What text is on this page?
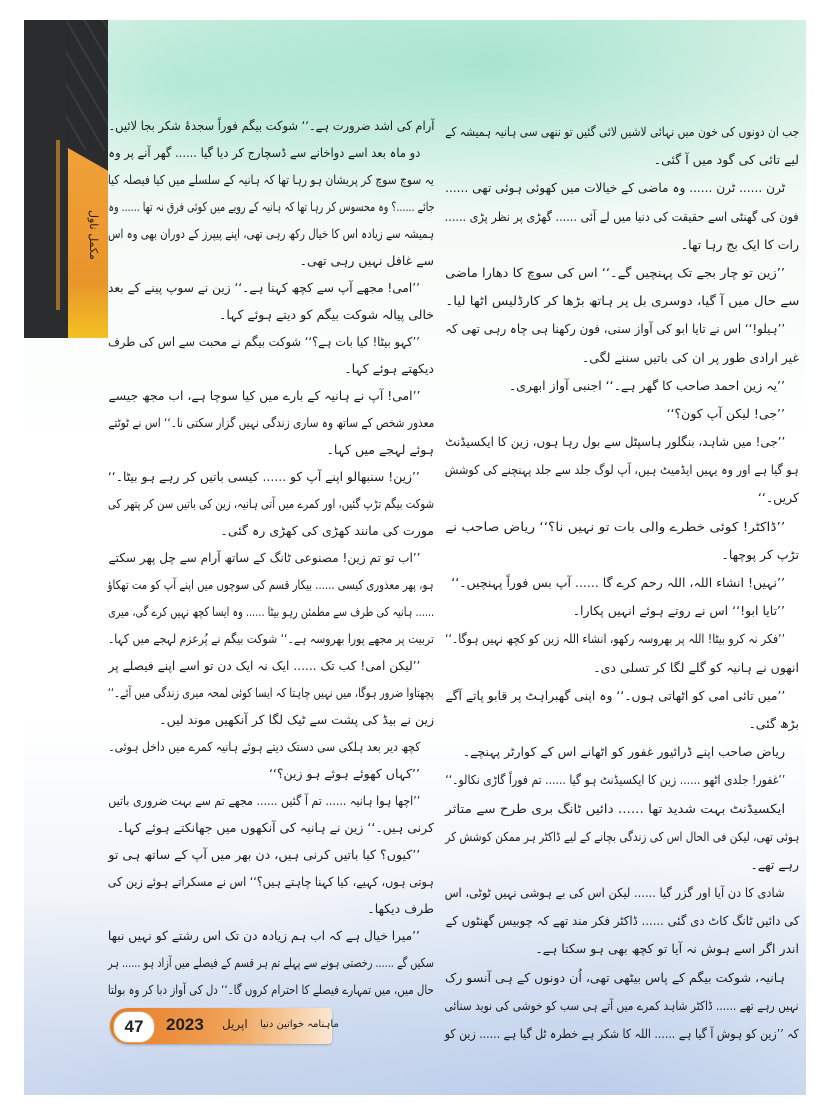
مکمل ناول
جب ان دونوں کی خون میں نہائی لاشیں لائی گئیں تو ننھی سی ہانیہ ہمیشہ کے
لیے تائی کی گود میں آ گئی۔
ٹرن ...... ٹرن ...... وہ ماضی کے خیالات میں کھوئی ہوئی تھی ......
فون کی گھنٹی اسے حقیقت کی دنیا میں لے آئی ...... گھڑی پر نظر پڑی ......
رات کا ایک بج رہا تھا۔
’’زین تو چار بجے تک پہنچیں گے۔‘‘ اس کی سوچ کا دھارا ماضی
سے حال میں آ گیا، دوسری بل پر ہاتھ بڑھا کر کارڈلیس اٹھا لیا۔
’’ہیلو!‘‘ اس نے تایا ابو کی آواز سنی، فون رکھنا ہی چاہ رہی تھی کہ
غیر ارادی طور پر ان کی باتیں سننے لگی۔
’’یہ زین احمد صاحب کا گھر ہے۔‘‘ اجنبی آواز ابھری۔
’’جی! لیکن آپ کون؟‘‘
’’جی! میں شاہد، بنگلور ہاسپٹل سے بول رہا ہوں، زین کا ایکسیڈنٹ
ہو گیا ہے اور وہ یہیں ایڈمیٹ ہیں، آپ لوگ جلد سے جلد پہنچنے کی کوشش
کریں۔‘‘
’’ڈاکٹر! کوئی خطرے والی بات تو نہیں نا؟‘‘ ریاض صاحب نے
تڑپ کر پوچھا۔
’’نہیں! انشاء اللہ، اللہ رحم کرے گا ...... آپ بس فوراً پہنچیں۔‘‘
’’تایا ابو!‘‘ اس نے روتے ہوئے انہیں پکارا۔
’’فکر نہ کرو بیٹا! اللہ پر بھروسہ رکھو، انشاء اللہ زین کو کچھ نہیں ہوگا۔‘‘
انھوں نے ہانیہ کو گلے لگا کر تسلی دی۔
’’میں تائی امی کو اٹھاتی ہوں۔‘‘ وہ اپنی گھبراہٹ پر قابو پاتے آگے
بڑھ گئی۔
ریاض صاحب اپنے ڈرائیور غفور کو اٹھانے اس کے کوارٹر پہنچے۔
’’غفور! جلدی اٹھو ...... زین کا ایکسیڈنٹ ہو گیا ...... تم فوراً گاڑی نکالو۔‘‘
ایکسیڈنٹ بہت شدید تھا ...... دائیں ٹانگ بری طرح سے متاثر
ہوئی تھی، لیکن فی الحال اس کی زندگی بچانے کے لیے ڈاکٹر ہر ممکن کوشش کر
رہے تھے۔
شادی کا دن آیا اور گزر گیا ...... لیکن اس کی بے ہوشی نہیں ٹوٹی، اس
کی دائیں ٹانگ کاٹ دی گئی ...... ڈاکٹر فکر مند تھے کہ چوبیس گھنٹوں کے
اندر اگر اسے ہوش نہ آیا تو کچھ بھی ہو سکتا ہے۔
ہانیہ، شوکت بیگم کے پاس بیٹھی تھی، اُن دونوں کے ہی آنسو رک
نہیں رہے تھے ...... ڈاکٹر شاہد کمرے میں آتے ہی سب کو خوشی کی نوید سنائی
کہ ’’زین کو ہوش آ گیا ہے ...... اللہ کا شکر ہے خطرہ ٹل گیا ہے ...... زین کو
آرام کی اشد ضرورت ہے۔‘‘ شوکت بیگم فوراً سجدۂ شکر بجا لائیں۔
دو ماہ بعد اسے دواخانے سے ڈسچارج کر دیا گیا ...... گھر آنے پر وہ
یہ سوچ سوچ کر پریشان ہو رہا تھا کہ ہانیہ کے سلسلے میں کیا فیصلہ کیا
جائے ......؟ وہ محسوس کر رہا تھا کہ ہانیہ کے رویے میں کوئی فرق نہ تھا ...... وہ
ہمیشہ سے زیادہ اس کا خیال رکھ رہی تھی، اپنے پیپرز کے دوران بھی وہ اس
سے غافل نہیں رہی تھی۔
’’امی! مجھے آپ سے کچھ کہنا ہے۔‘‘ زین نے سوپ پینے کے بعد
خالی پیالہ شوکت بیگم کو دیتے ہوئے کہا۔
’’کہو بیٹا! کیا بات ہے؟‘‘ شوکت بیگم نے محبت سے اس کی طرف
دیکھتے ہوئے کہا۔
’’امی! آپ نے ہانیہ کے بارے میں کیا سوچا ہے، اب مجھ جیسے
معذور شخص کے ساتھ وہ ساری زندگی نہیں گزار سکتی نا۔‘‘ اس نے ٹوٹتے
ہوئے لہجے میں کہا۔
’’زین! سنبھالو اپنے آپ کو ...... کیسی باتیں کر رہے ہو بیٹا۔‘‘
شوکت بیگم تڑپ گئیں، اور کمرے میں آتی ہانیہ، زین کی باتیں سن کر پتھر کی
مورت کی مانند کھڑی کی کھڑی رہ گئی۔
’’اب تو تم زین! مصنوعی ٹانگ کے ساتھ آرام سے چل پھر سکتے
ہو، پھر معذوری کیسی ...... بیکار قسم کی سوچوں میں اپنے آپ کو مت تھکاؤ
...... ہانیہ کی طرف سے مطمئن رہو بیٹا ...... وہ ایسا کچھ نہیں کرے گی، میری
تربیت پر مجھے پورا بھروسہ ہے۔‘‘ شوکت بیگم نے پُرعزم لہجے میں کہا۔
’’لیکن امی! کب تک ...... ایک نہ ایک دن تو اسے اپنے فیصلے پر
پچھتاوا ضرور ہوگا، میں نہیں چاہتا کہ ایسا کوئی لمحہ میری زندگی میں آئے۔‘‘
زین نے بیڈ کی پشت سے ٹیک لگا کر آنکھیں موند لیں۔
کچھ دیر بعد ہلکی سی دستک دیتے ہوئے ہانیہ کمرے میں داخل ہوئی۔
’’کہاں کھوئے ہوئے ہو زین؟‘‘
’’اچھا ہوا ہانیہ ...... تم آ گئیں ...... مجھے تم سے بہت ضروری باتیں
کرنی ہیں۔‘‘ زین نے ہانیہ کی آنکھوں میں جھانکتے ہوئے کہا۔
’’کیوں؟ کیا باتیں کرنی ہیں، دن بھر میں آپ کے ساتھ ہی تو
ہوتی ہوں، کہیے، کیا کہنا چاہتے ہیں؟‘‘ اس نے مسکراتے ہوئے زین کی
طرف دیکھا۔
’’میرا خیال ہے کہ اب ہم زیادہ دن تک اس رشتے کو نہیں نبھا
سکیں گے ...... رخصتی ہونے سے پہلے تم ہر قسم کے فیصلے میں آزاد ہو ...... ہر
حال میں، میں تمہارے فیصلے کا احترام کروں گا۔‘‘ دل کی آواز دبا کر وہ بولتا
47	2023 اپریل ماہنامہ خواتین دنیا
